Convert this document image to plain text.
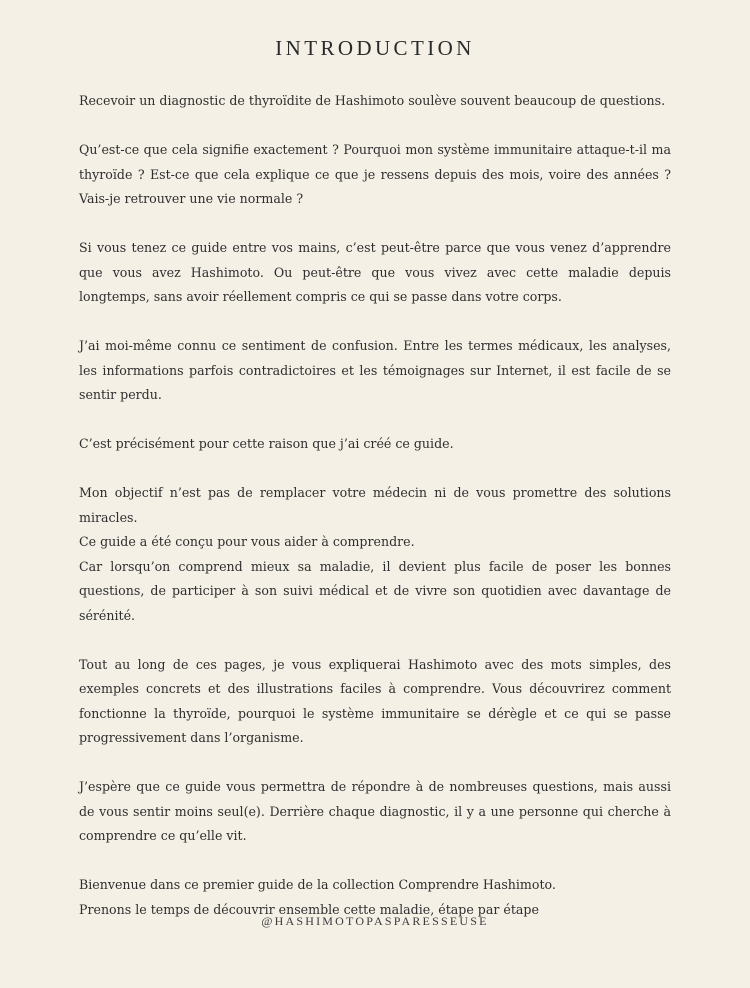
INTRODUCTION

Recevoir un diagnostic de thyroïdite de Hashimoto soulève souvent beaucoup de questions.

Qu’est-ce que cela signifie exactement ? Pourquoi mon système immunitaire attaque-t-il ma thyroïde ? Est-ce que cela explique ce que je ressens depuis des mois, voire des années ? Vais-je retrouver une vie normale ?

Si vous tenez ce guide entre vos mains, c’est peut-être parce que vous venez d’apprendre que vous avez Hashimoto. Ou peut-être que vous vivez avec cette maladie depuis longtemps, sans avoir réellement compris ce qui se passe dans votre corps.

J’ai moi-même connu ce sentiment de confusion. Entre les termes médicaux, les analyses, les informations parfois contradictoires et les témoignages sur Internet, il est facile de se sentir perdu.

C’est précisément pour cette raison que j’ai créé ce guide.

Mon objectif n’est pas de remplacer votre médecin ni de vous promettre des solutions miracles.
Ce guide a été conçu pour vous aider à comprendre.
Car lorsqu’on comprend mieux sa maladie, il devient plus facile de poser les bonnes questions, de participer à son suivi médical et de vivre son quotidien avec davantage de sérénité.

Tout au long de ces pages, je vous expliquerai Hashimoto avec des mots simples, des exemples concrets et des illustrations faciles à comprendre. Vous découvrirez comment fonctionne la thyroïde, pourquoi le système immunitaire se dérègle et ce qui se passe progressivement dans l’organisme.

J’espère que ce guide vous permettra de répondre à de nombreuses questions, mais aussi de vous sentir moins seul(e). Derrière chaque diagnostic, il y a une personne qui cherche à comprendre ce qu’elle vit.

Bienvenue dans ce premier guide de la collection Comprendre Hashimoto.
Prenons le temps de découvrir ensemble cette maladie, étape par étape

@HASHIMOTOPASPARESSEUSE
